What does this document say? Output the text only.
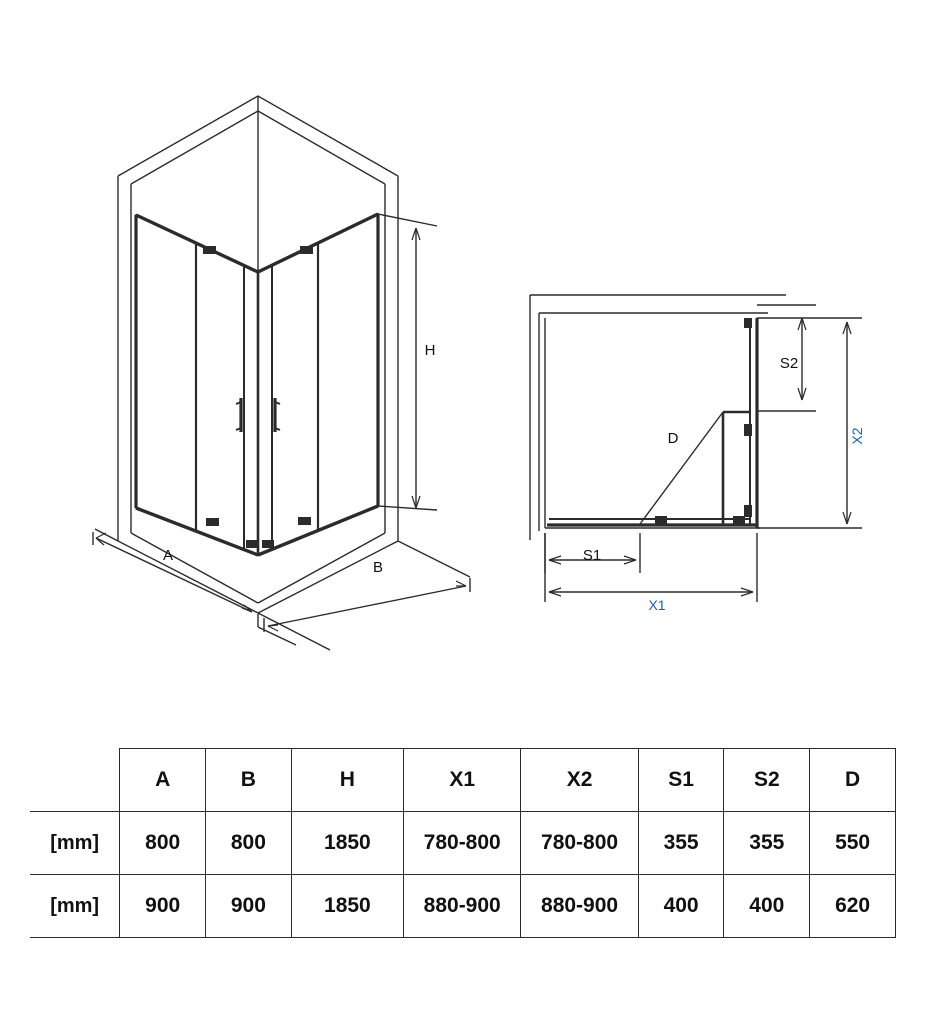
A
B
H
S2
X2
S1
X1
D
	A	B	H	X1	X2	S1	S2	D
[mm]	800	800	1850	780-800	780-800	355	355	550
[mm]	900	900	1850	880-900	880-900	400	400	620
